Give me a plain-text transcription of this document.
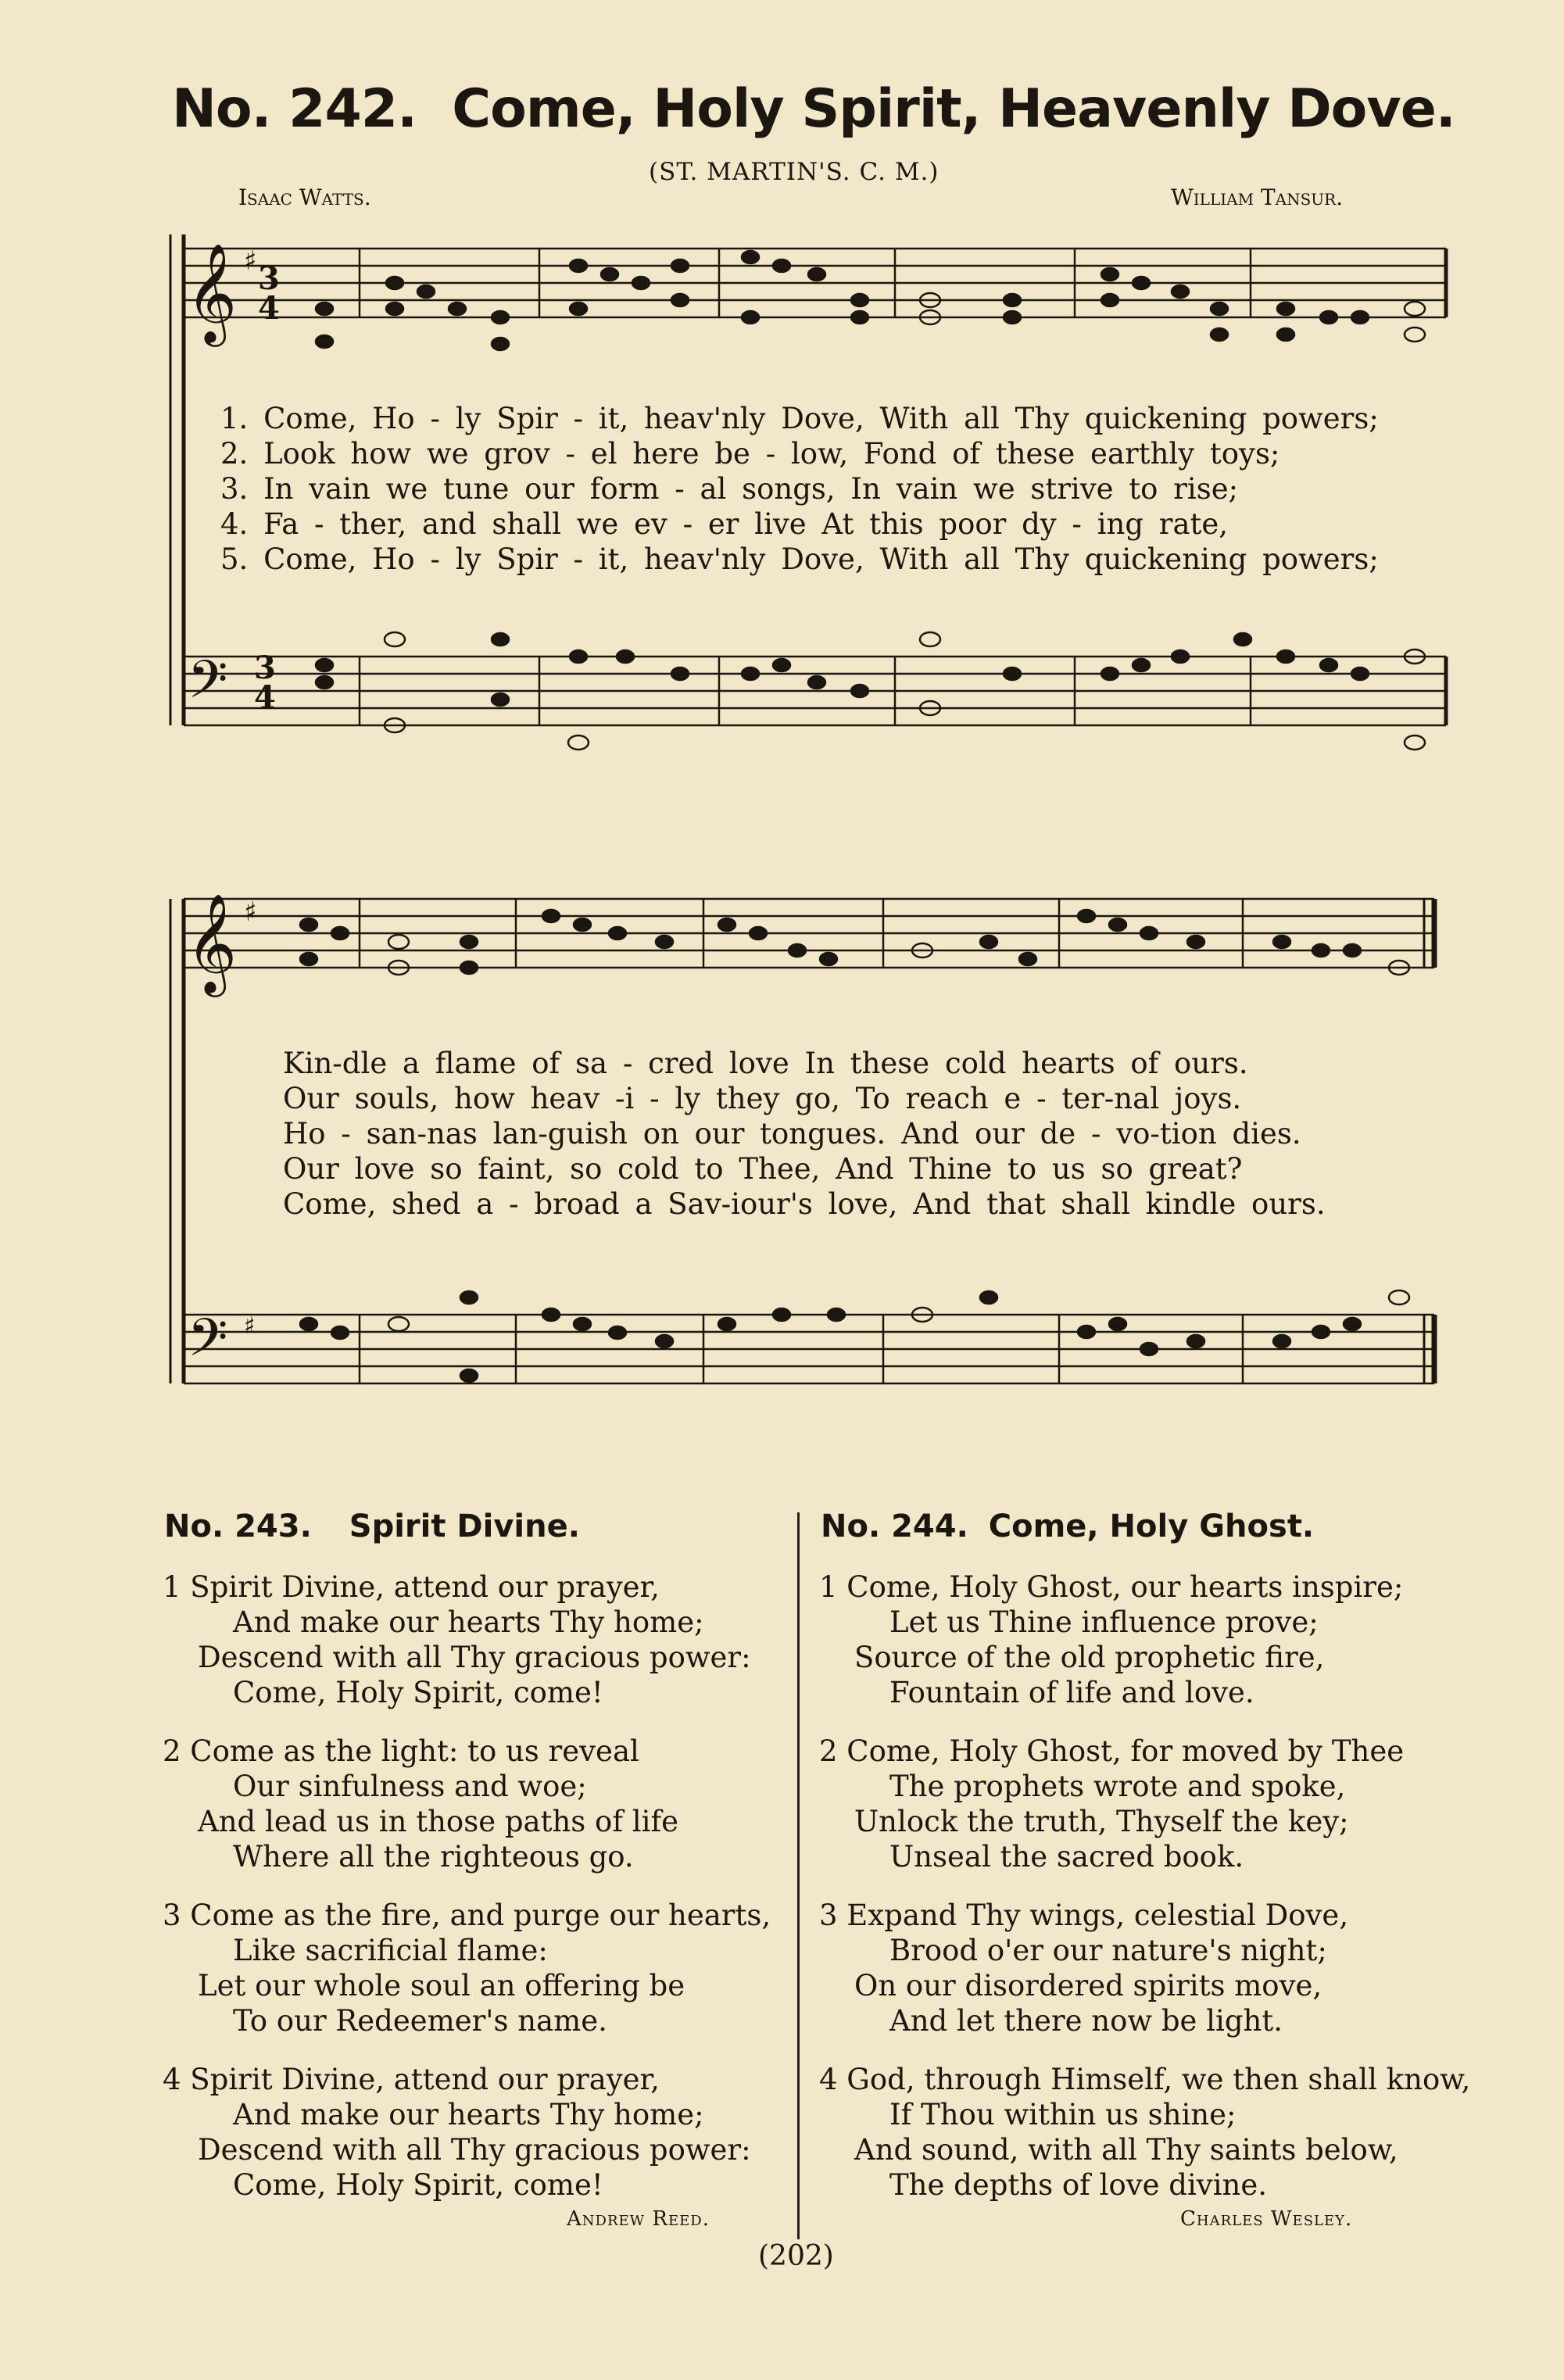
No. 242. Come, Holy Spirit, Heavenly Dove.
(ST. MARTIN'S. C. M.)
Isaac Watts.	William Tansur.
𝄞 ♯ 3
4
𝄢 3
4
𝄞 ♯
𝄢 ♯
1. Come, Ho - ly Spir - it, heav'nly Dove, With all Thy quickening powers;
2. Look how we grov - el here be - low, Fond of these earthly toys;
3. In vain we tune our form - al songs, In vain we strive to rise;
4. Fa - ther, and shall we ev - er live At this poor dy - ing rate,
5. Come, Ho - ly Spir - it, heav'nly Dove, With all Thy quickening powers;
Kin-dle a flame of sa - cred love In these cold hearts of ours.
Our souls, how heav -i - ly they go, To reach e - ter-nal joys.
Ho - san-nas lan-guish on our tongues. And our de - vo-tion dies.
Our love so faint, so cold to Thee, And Thine to us so great?
Come, shed a - broad a Sav-iour's love, And that shall kindle ours.
No. 243. Spirit Divine.
1 Spirit Divine, attend our prayer,
And make our hearts Thy home;
Descend with all Thy gracious power:
Come, Holy Spirit, come!
2 Come as the light: to us reveal
Our sinfulness and woe;
And lead us in those paths of life
Where all the righteous go.
3 Come as the fire, and purge our hearts,
Like sacrificial flame:
Let our whole soul an offering be
To our Redeemer's name.
4 Spirit Divine, attend our prayer,
And make our hearts Thy home;
Descend with all Thy gracious power:
Come, Holy Spirit, come!
Andrew Reed.
No. 244. Come, Holy Ghost.
1 Come, Holy Ghost, our hearts inspire;
Let us Thine influence prove;
Source of the old prophetic fire,
Fountain of life and love.
2 Come, Holy Ghost, for moved by Thee
The prophets wrote and spoke,
Unlock the truth, Thyself the key;
Unseal the sacred book.
3 Expand Thy wings, celestial Dove,
Brood o'er our nature's night;
On our disordered spirits move,
And let there now be light.
4 God, through Himself, we then shall know,
If Thou within us shine;
And sound, with all Thy saints below,
The depths of love divine.
Charles Wesley.
(202)
